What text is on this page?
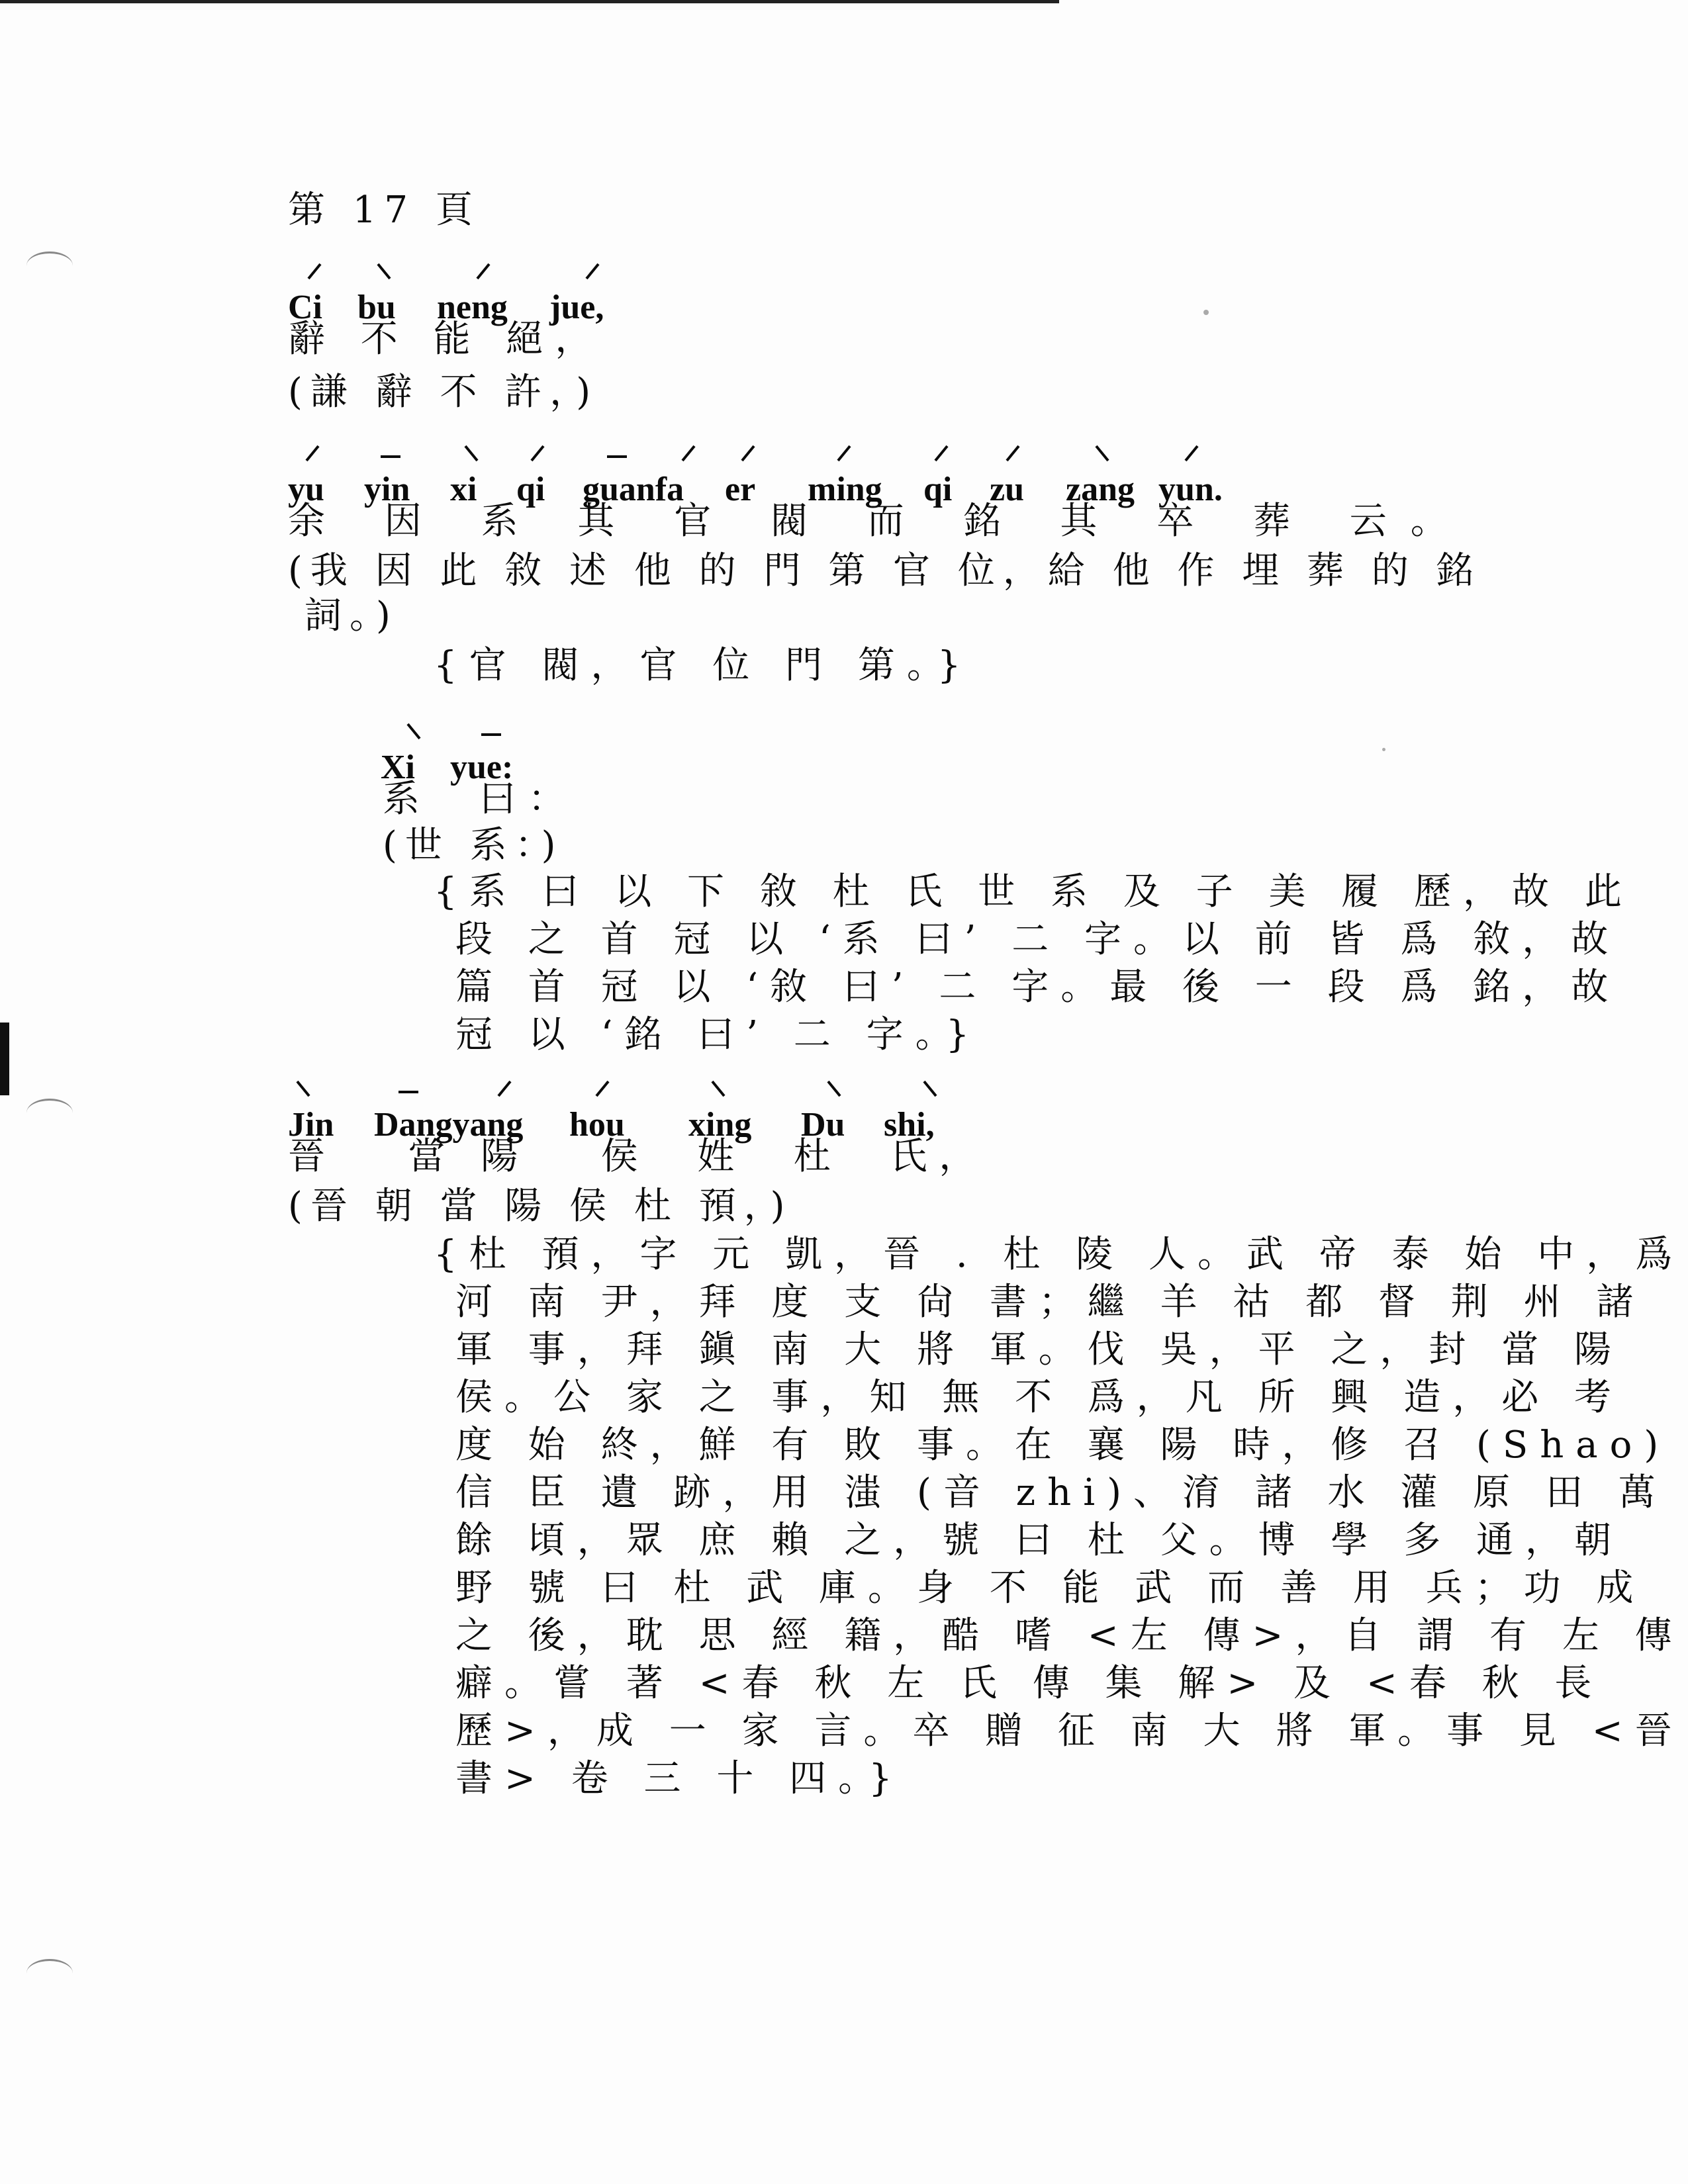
第 17 頁
Ci bu neng jue,
辭 不 能 絕，
(謙 辭 不 許，)
yu yin xi qi guanfa er ming qi zu zang yun.
余 因 系 其 官 閥 而 銘 其 卒 葬 云。
(我 因 此 敘 述 他 的 門 第 官 位，給 他 作 埋 葬 的 銘
詞。)
{官 閥，官 位 門 第。}
Xi yue:
系  曰：
(世 系：)
{系 曰 以 下 敘 杜 氏 世 系 及 子 美 履 歷，故 此
段 之 首 冠 以 ‘系 曰’ 二 字。以 前 皆 爲 敘，故
篇 首 冠 以 ‘敘 曰’ 二 字。最 後 一 段 爲 銘，故
冠 以 ‘銘 曰’ 二 字。}
Jin Dangyang hou xing Du shi,
晉   當 陽   侯  姓  杜  氏，
(晉 朝 當 陽 侯 杜 預，)
{杜 預，字 元 凱，晉 . 杜 陵 人。武 帝 泰 始 中，爲
河 南 尹，拜 度 支 尙 書；繼 羊 祜 都 督 荆 州 諸
軍 事，拜 鎭 南 大 將 軍。伐 吳，平 之，封 當 陽
侯。公 家 之 事，知 無 不 爲，凡 所 興 造，必 考
度 始 終，鮮 有 敗 事。在 襄 陽 時，修 召 (Shao)
信 臣 遺 跡，用 滍 (音 zhi)、淯 諸 水 灌 原 田 萬
餘 頃，眾 庶 賴 之，號 曰 杜 父。博 學 多 通，朝
野 號 曰 杜 武 庫。身 不 能 武 而 善 用 兵；功 成
之 後，耽 思 經 籍，酷 嗜 <左 傳>，自 謂 有 左 傳
癖。嘗 著 <春 秋 左 氏 傳 集 解> 及 <春 秋 長
歷>，成 一 家 言。卒 贈 征 南 大 將 軍。事 見 <晉
書> 卷 三 十 四。}
